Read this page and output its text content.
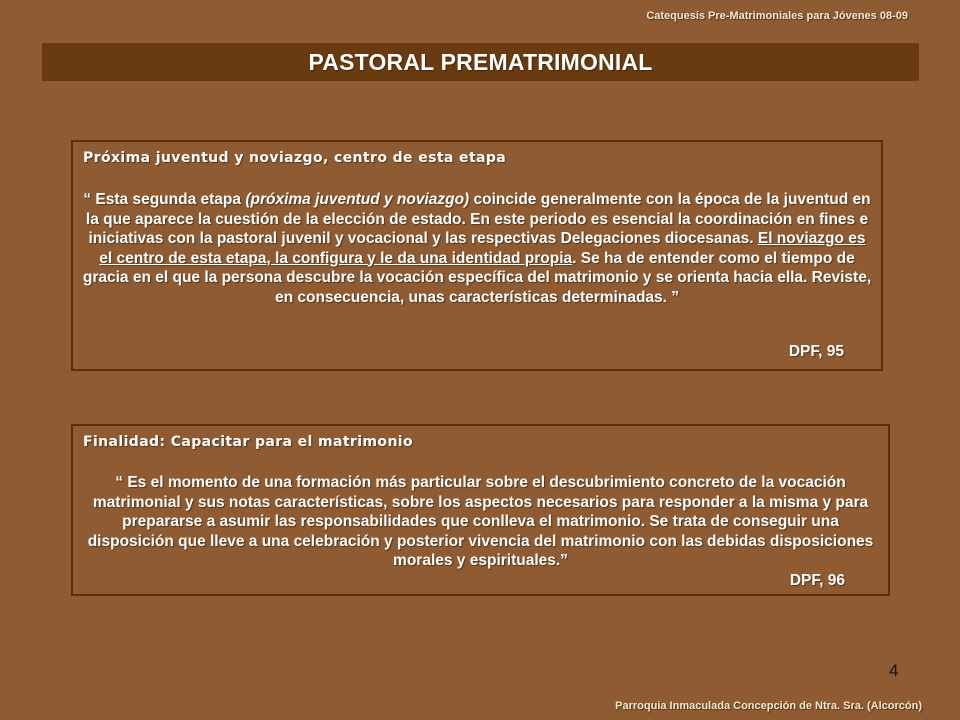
Catequesis Pre-Matrimoniales para Jóvenes 08-09
PASTORAL PREMATRIMONIAL
Próxima juventud y noviazgo, centro de esta etapa
“ Esta segunda etapa (próxima juventud y noviazgo) coincide generalmente con la época de la juventud en la que aparece la cuestión de la elección de estado. En este periodo es esencial la coordinación en fines e iniciativas con la pastoral juvenil y vocacional y las respectivas Delegaciones diocesanas. El noviazgo es el centro de esta etapa, la configura y le da una identidad propia. Se ha de entender como el tiempo de gracia en el que la persona descubre la vocación específica del matrimonio y se orienta hacia ella. Reviste, en consecuencia, unas características determinadas. ”
DPF, 95
Finalidad: Capacitar para el matrimonio
“ Es el momento de una formación más particular sobre el descubrimiento concreto de la vocación matrimonial y sus notas características, sobre los aspectos necesarios para responder a la misma y para prepararse a asumir las responsabilidades que conlleva el matrimonio. Se trata de conseguir una disposición que lleve a una celebración y posterior vivencia del matrimonio con las debidas disposiciones morales y espirituales.”
DPF, 96
4
Parroquia Inmaculada Concepción de Ntra. Sra. (Alcorcón)
